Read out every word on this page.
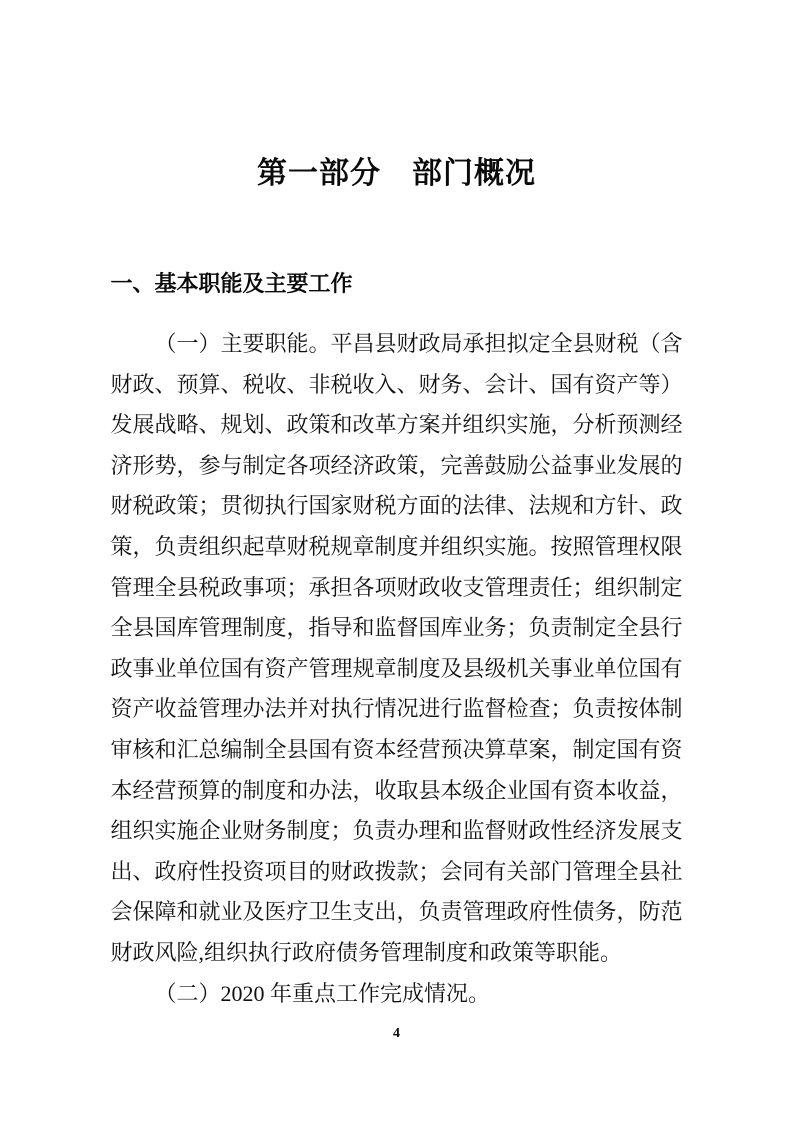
第一部分　部门概况
一、基本职能及主要工作

（一）主要职能。平昌县财政局承担拟定全县财税（含财政、预算、税收、非税收入、财务、会计、国有资产等）发展战略、规划、政策和改革方案并组织实施，分析预测经济形势，参与制定各项经济政策，完善鼓励公益事业发展的财税政策；贯彻执行国家财税方面的法律、法规和方针、政策，负责组织起草财税规章制度并组织实施。按照管理权限管理全县税政事项；承担各项财政收支管理责任；组织制定全县国库管理制度，指导和监督国库业务；负责制定全县行政事业单位国有资产管理规章制度及县级机关事业单位国有资产收益管理办法并对执行情况进行监督检查；负责按体制审核和汇总编制全县国有资本经营预决算草案，制定国有资本经营预算的制度和办法，收取县本级企业国有资本收益，组织实施企业财务制度；负责办理和监督财政性经济发展支出、政府性投资项目的财政拨款；会同有关部门管理全县社会保障和就业及医疗卫生支出，负责管理政府性债务，防范财政风险,组织执行政府债务管理制度和政策等职能。

（二）2020 年重点工作完成情况。

4
